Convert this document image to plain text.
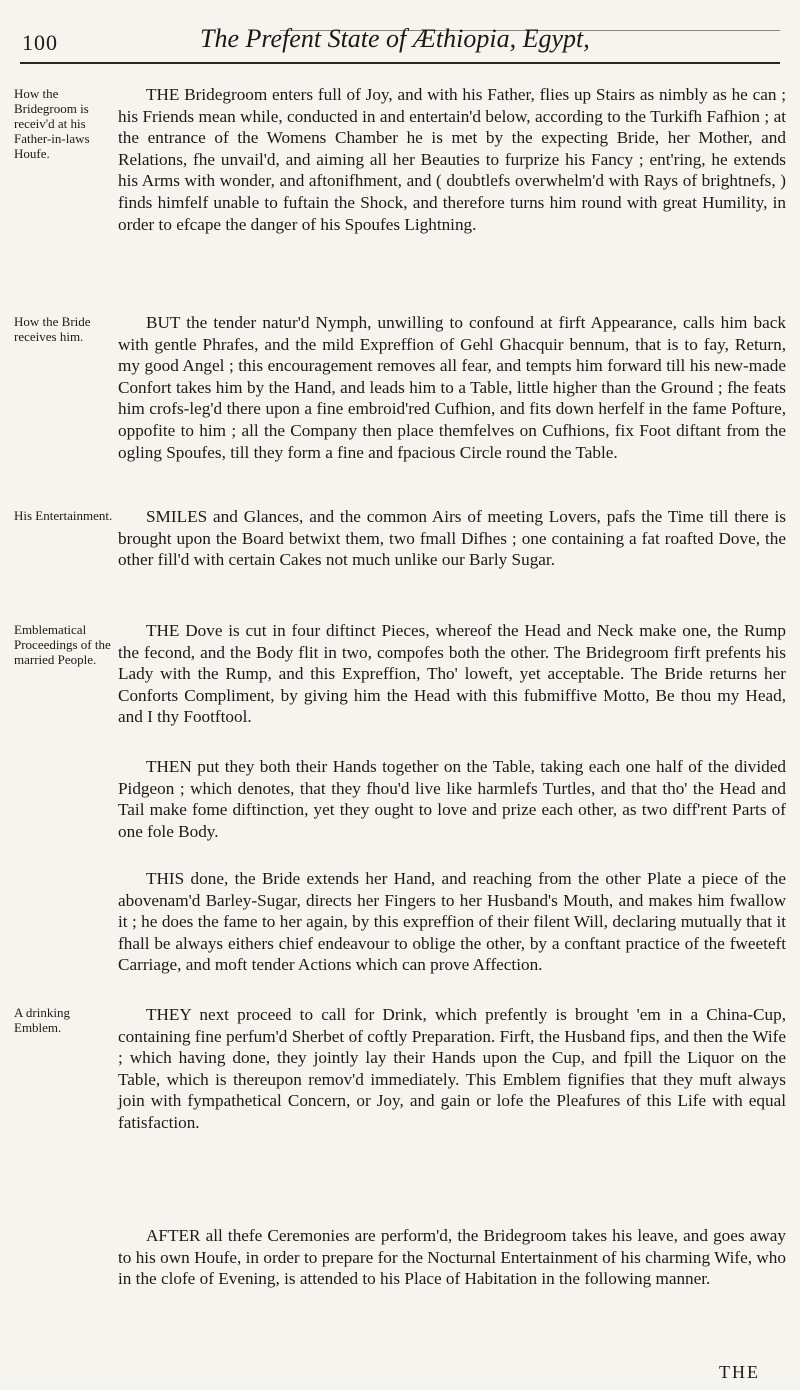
100	The Prefent State of Æthiopia, Egypt,
How the Bridegroom is receiv'd at his Father-in-laws Houfe.
How the Bride receives him.
His Entertainment.
Emblematical Proceedings of the married People.
A drinking Emblem.

THE Bridegroom enters full of Joy, and with his Father, flies up Stairs as nimbly as he can ; his Friends mean while, conducted in and entertain'd below, according to the Turkifh Fafhion ; at the entrance of the Womens Chamber he is met by the expecting Bride, her Mother, and Relations, fhe unvail'd, and aiming all her Beauties to furprize his Fancy ; ent'ring, he extends his Arms with wonder, and aftonifhment, and ( doubtlefs overwhelm'd with Rays of brightnefs, ) finds himfelf unable to fuftain the Shock, and therefore turns him round with great Humility, in order to efcape the danger of his Spoufes Lightning.

BUT the tender natur'd Nymph, unwilling to confound at firft Appearance, calls him back with gentle Phrafes, and the mild Expreffion of Gehl Ghacquir bennum, that is to fay, Return, my good Angel ; this encouragement removes all fear, and tempts him forward till his new-made Confort takes him by the Hand, and leads him to a Table, little higher than the Ground ; fhe feats him crofs-leg'd there upon a fine embroid'red Cufhion, and fits down herfelf in the fame Pofture, oppofite to him ; all the Company then place themfelves on Cufhions, fix Foot diftant from the ogling Spoufes, till they form a fine and fpacious Circle round the Table.

SMILES and Glances, and the common Airs of meeting Lovers, pafs the Time till there is brought upon the Board betwixt them, two fmall Difhes ; one containing a fat roafted Dove, the other fill'd with certain Cakes not much unlike our Barly Sugar.

THE Dove is cut in four diftinct Pieces, whereof the Head and Neck make one, the Rump the fecond, and the Body flit in two, compofes both the other. The Bridegroom firft prefents his Lady with the Rump, and this Expreffion, Tho' loweft, yet acceptable. The Bride returns her Conforts Compliment, by giving him the Head with this fubmiffive Motto, Be thou my Head, and I thy Footftool.

THEN put they both their Hands together on the Table, taking each one half of the divided Pidgeon ; which denotes, that they fhou'd live like harmlefs Turtles, and that tho' the Head and Tail make fome diftinction, yet they ought to love and prize each other, as two diff'rent Parts of one fole Body.

THIS done, the Bride extends her Hand, and reaching from the other Plate a piece of the abovenam'd Barley-Sugar, directs her Fingers to her Husband's Mouth, and makes him fwallow it ; he does the fame to her again, by this expreffion of their filent Will, declaring mutually that it fhall be always eithers chief endeavour to oblige the other, by a conftant practice of the fweeteft Carriage, and moft tender Actions which can prove Affection.

THEY next proceed to call for Drink, which prefently is brought 'em in a China-Cup, containing fine perfum'd Sherbet of coftly Preparation. Firft, the Husband fips, and then the Wife ; which having done, they jointly lay their Hands upon the Cup, and fpill the Liquor on the Table, which is thereupon remov'd immediately. This Emblem fignifies that they muft always join with fympathetical Concern, or Joy, and gain or lofe the Pleafures of this Life with equal fatisfaction.

AFTER all thefe Ceremonies are perform'd, the Bridegroom takes his leave, and goes away to his own Houfe, in order to prepare for the Nocturnal Entertainment of his charming Wife, who in the clofe of Evening, is attended to his Place of Habitation in the following manner.

THE
